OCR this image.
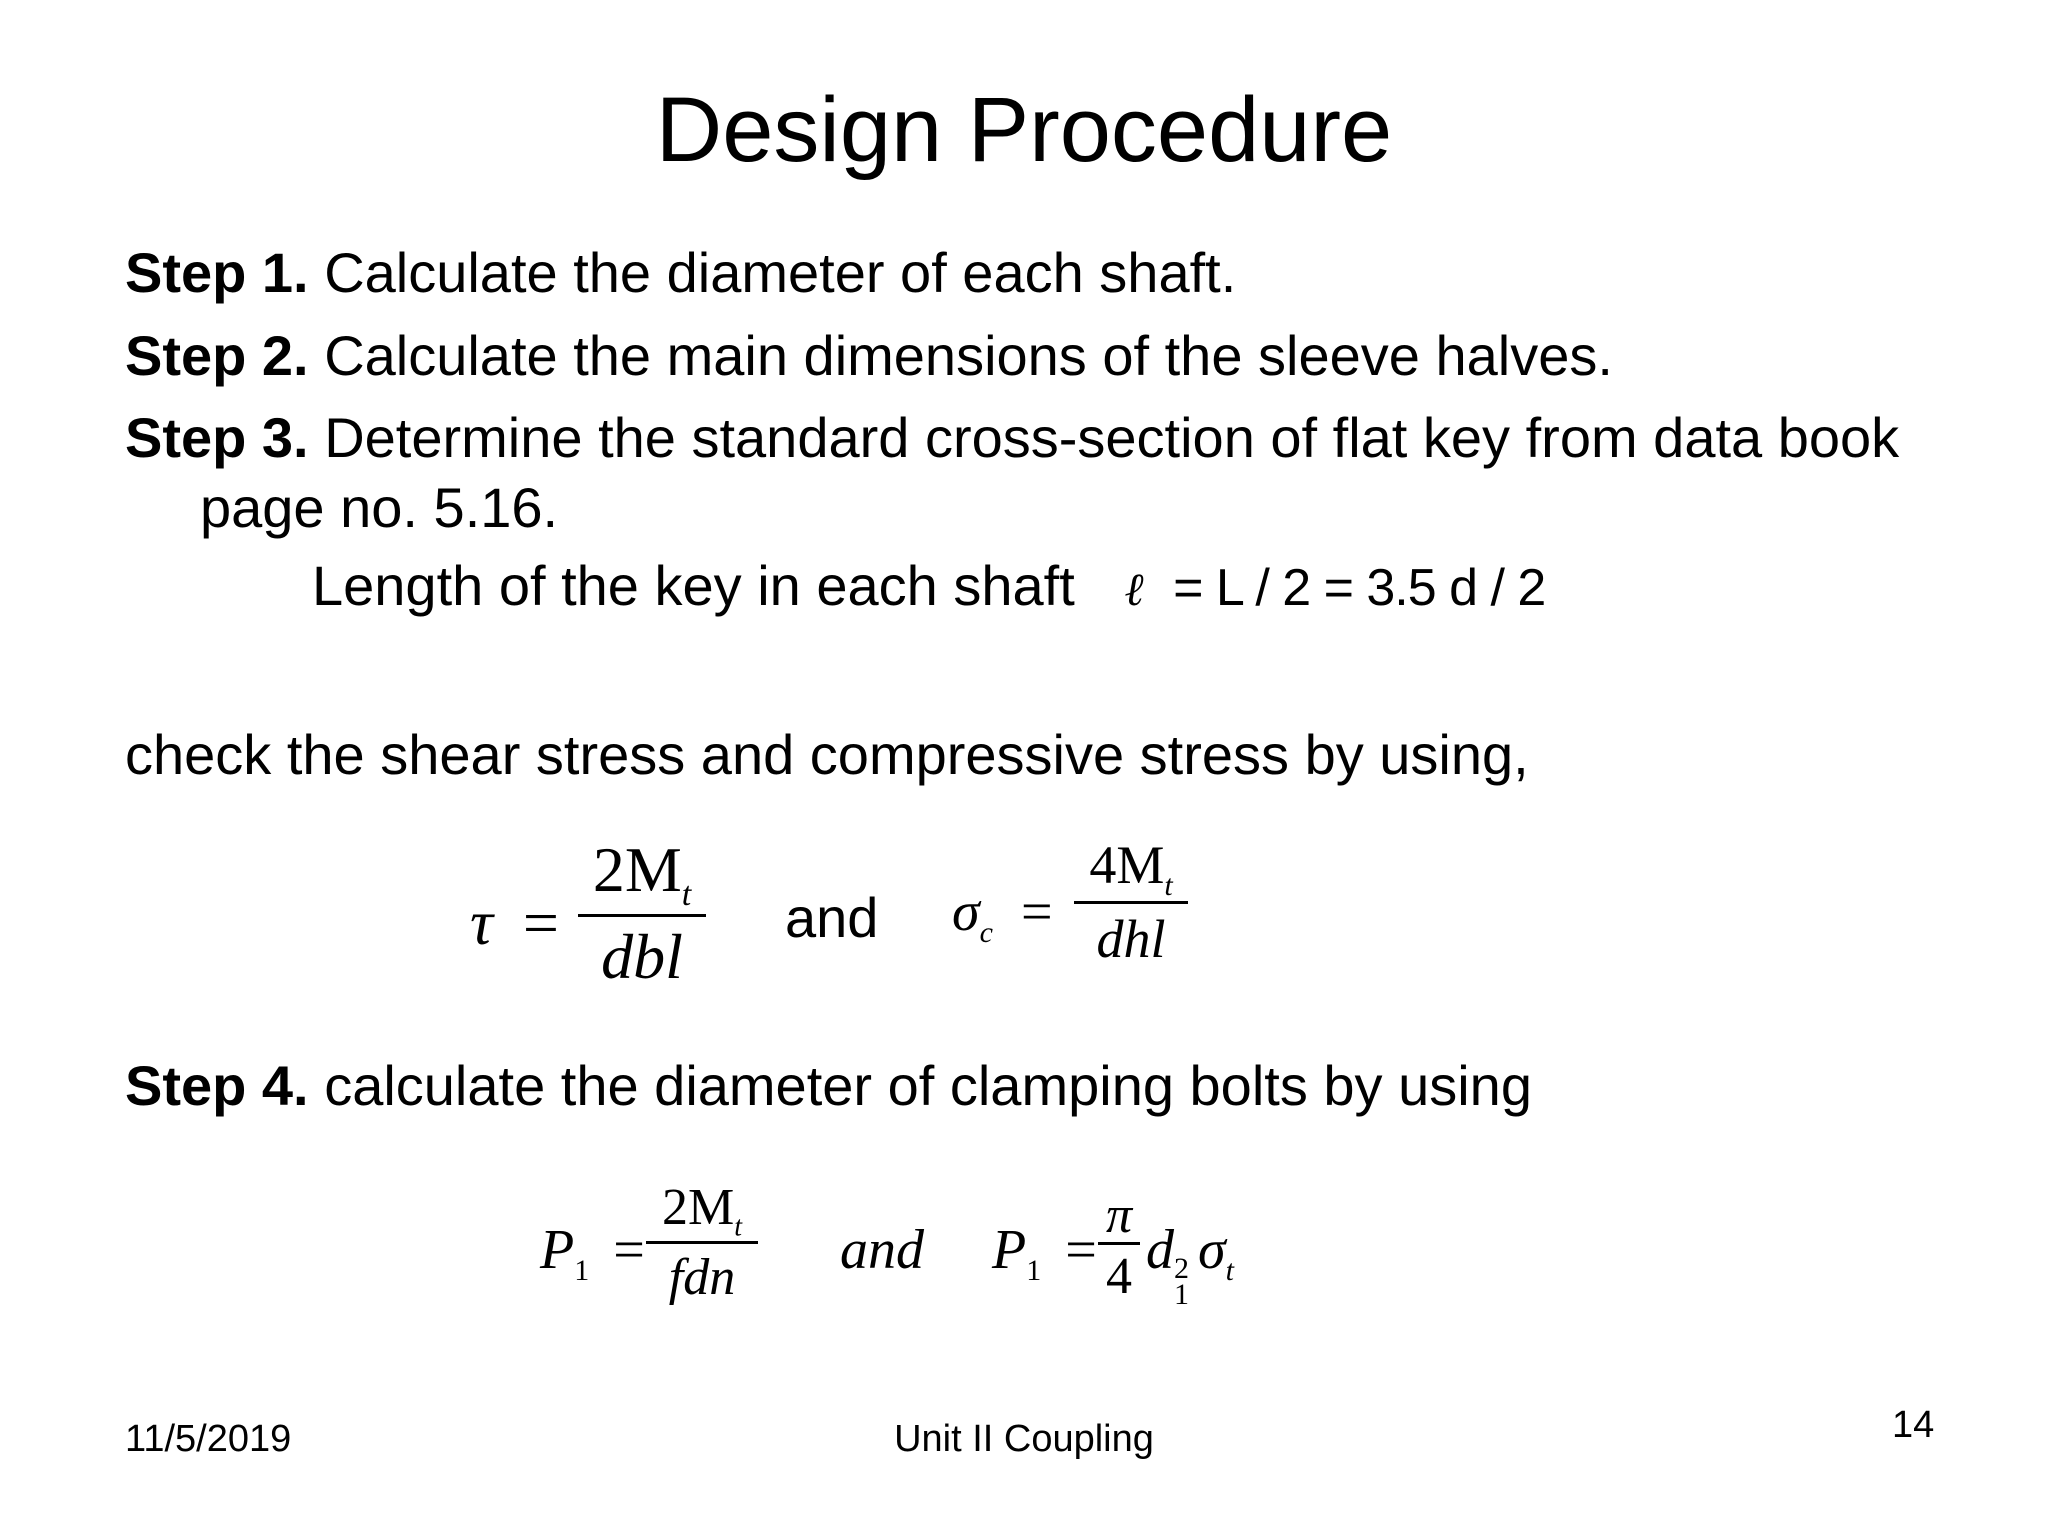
Design Procedure
Step 1. Calculate the diameter of each shaft.
Step 2. Calculate the main dimensions of the sleeve halves.
Step 3. Determine the standard cross-section of flat key from data book
page no. 5.16.
Length of the key in each shaft ℓ = L / 2 = 3.5 d / 2
check the shear stress and compressive stress by using,
τ =
$2M_t$
dbl
and $\sigma_c$ =
$4M_t$
dhl
Step 4. calculate the diameter of clamping bolts by using
$P_1$ =
$2M_t$
fdn	and $P_1$ =
π
4 d 2
1
$\sigma_t$
11/5/2019	Unit II Coupling	14
